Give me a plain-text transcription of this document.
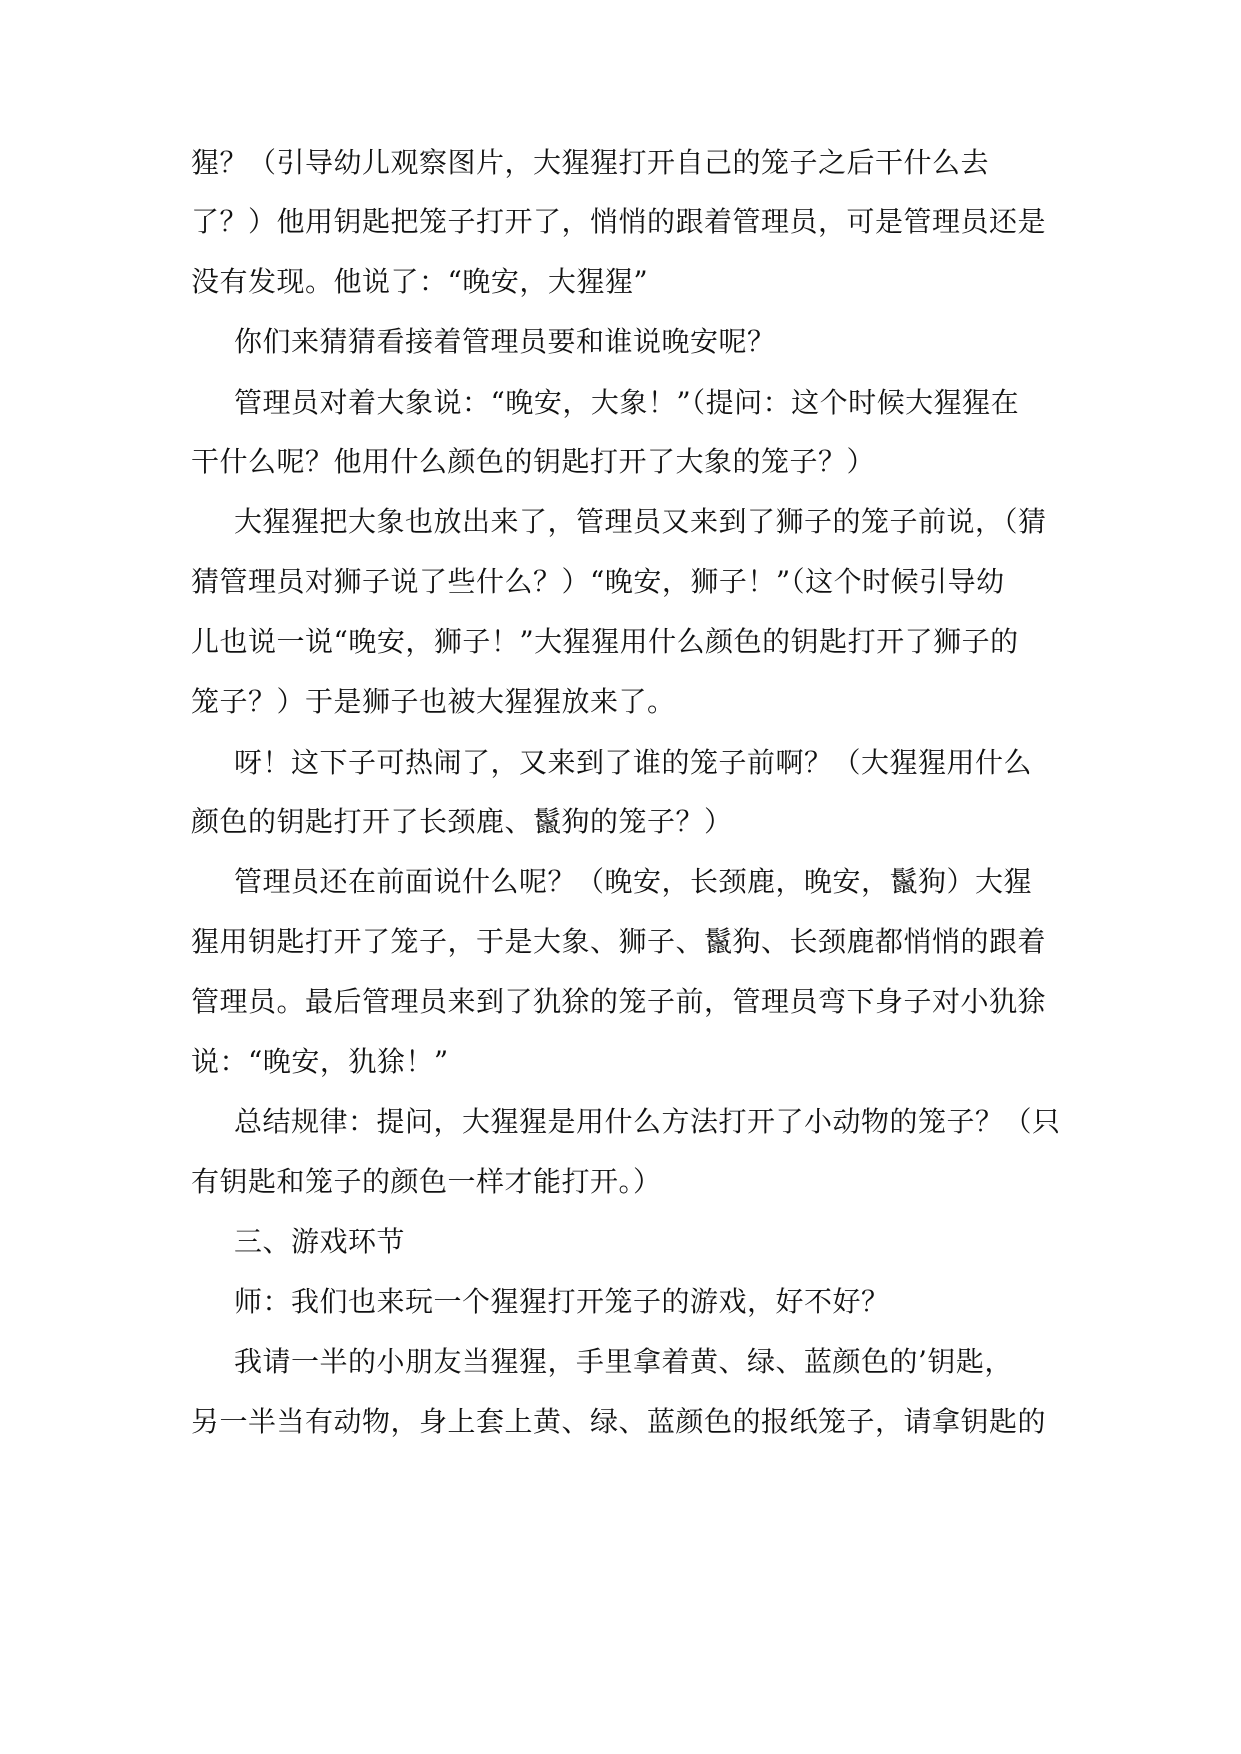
猩？（引导幼儿观察图片，大猩猩打开自己的笼子之后干什么去
了？）他用钥匙把笼子打开了，悄悄的跟着管理员，可是管理员还是
没有发现。他说了：“晚安，大猩猩”
你们来猜猜看接着管理员要和谁说晚安呢？
管理员对着大象说：“晚安，大象！”（提问：这个时候大猩猩在
干什么呢？他用什么颜色的钥匙打开了大象的笼子？）
大猩猩把大象也放出来了，管理员又来到了狮子的笼子前说，（猜
猜管理员对狮子说了些什么？）“晚安，狮子！”（这个时候引导幼
儿也说一说“晚安，狮子！”大猩猩用什么颜色的钥匙打开了狮子的
笼子？）于是狮子也被大猩猩放来了。
呀！这下子可热闹了，又来到了谁的笼子前啊？（大猩猩用什么
颜色的钥匙打开了长颈鹿、鬣狗的笼子？）
管理员还在前面说什么呢？（晚安，长颈鹿，晚安，鬣狗）大猩
猩用钥匙打开了笼子，于是大象、狮子、鬣狗、长颈鹿都悄悄的跟着
管理员。最后管理员来到了犰狳的笼子前，管理员弯下身子对小犰狳
说：“晚安，犰狳！”
总结规律：提问，大猩猩是用什么方法打开了小动物的笼子？（只
有钥匙和笼子的颜色一样才能打开。）
三、游戏环节
师：我们也来玩一个猩猩打开笼子的游戏，好不好？
我请一半的小朋友当猩猩，手里拿着黄、绿、蓝颜色的’钥匙，
另一半当有动物，身上套上黄、绿、蓝颜色的报纸笼子，请拿钥匙的
